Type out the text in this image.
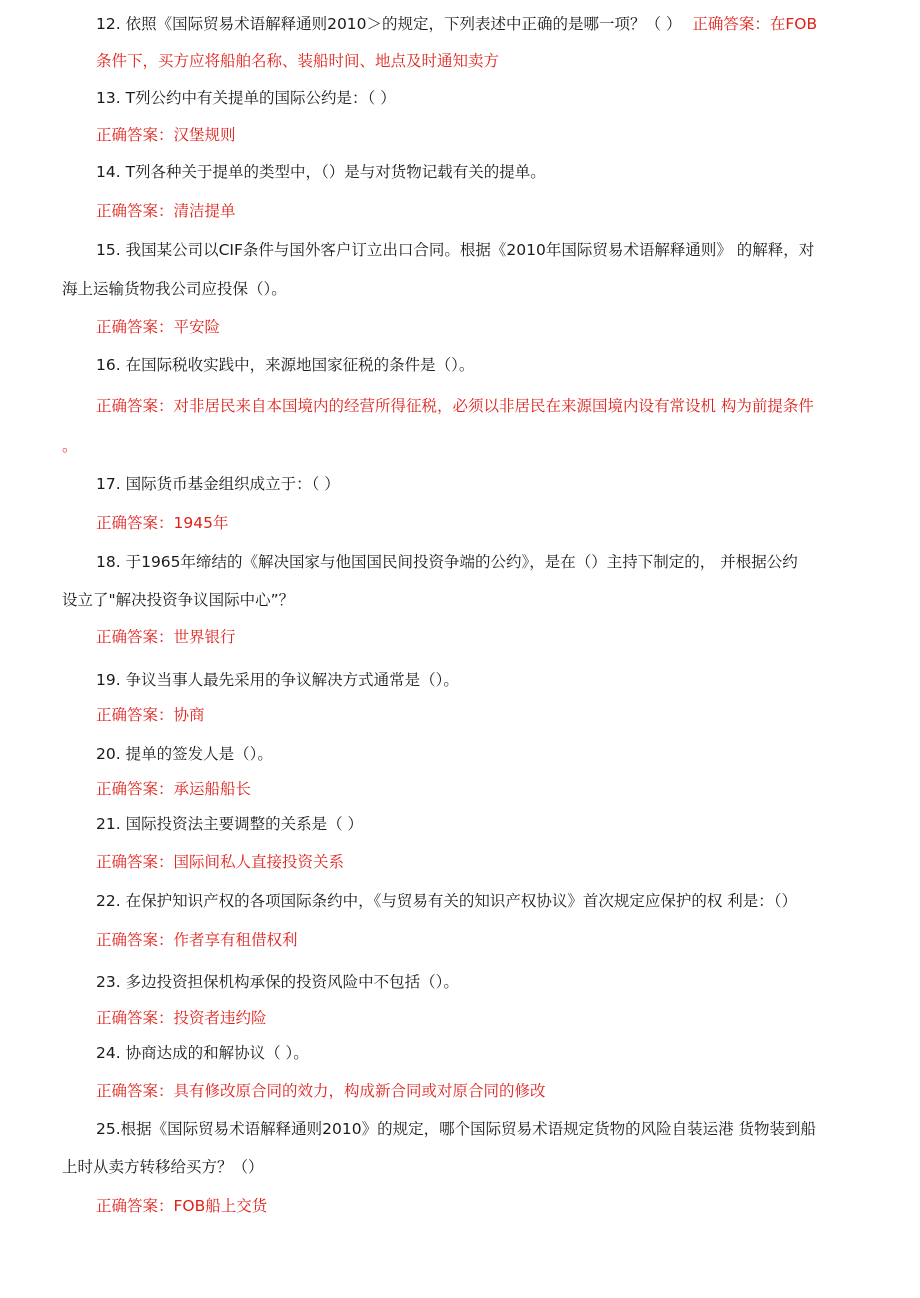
12. 依照《国际贸易术语解释通则2010＞的规定，下列表述中正确的是哪一项？（ ） 正确答案：在FOB
条件下，买方应将船舶名称、装船时间、地点及时通知卖方
13. T列公约中有关提单的国际公约是：（ ）
正确答案：汉堡规则
14. T列各种关于提单的类型中，（）是与对货物记载有关的提单。
正确答案：清洁提单
15. 我国某公司以CIF条件与国外客户订立出口合同。根据《2010年国际贸易术语解释通则》 的解释，对
海上运输货物我公司应投保（）。
正确答案：平安险
16. 在国际税收实践中，来源地国家征税的条件是（）。
正确答案：对非居民来自本国境内的经营所得征税，必须以非居民在来源国境内设有常设机 构为前提条件
。
17. 国际货币基金组织成立于：（ ）
正确答案：1945年
18. 于1965年缔结的《解决国家与他国国民间投资争端的公约》，是在（）主持下制定的， 并根据公约
设立了"解决投资争议国际中心”？
正确答案：世界银行
19. 争议当事人最先采用的争议解决方式通常是（）。
正确答案：协商
20. 提单的签发人是（）。
正确答案：承运船船长
21. 国际投资法主要调整的关系是（ ）
正确答案：国际间私人直接投资关系
22. 在保护知识产权的各项国际条约中，《与贸易有关的知识产权协议》首次规定应保护的权 利是：（）
正确答案：作者享有租借权利
23. 多边投资担保机构承保的投资风险中不包括（）。
正确答案：投资者违约险
24. 协商达成的和解协议（ ）。
正确答案：具有修改原合同的效力，构成新合同或对原合同的修改
25.根据《国际贸易术语解释通则2010》的规定，哪个国际贸易术语规定货物的风险自装运港 货物装到船
上时从卖方转移给买方？（）
正确答案：FOB船上交货
